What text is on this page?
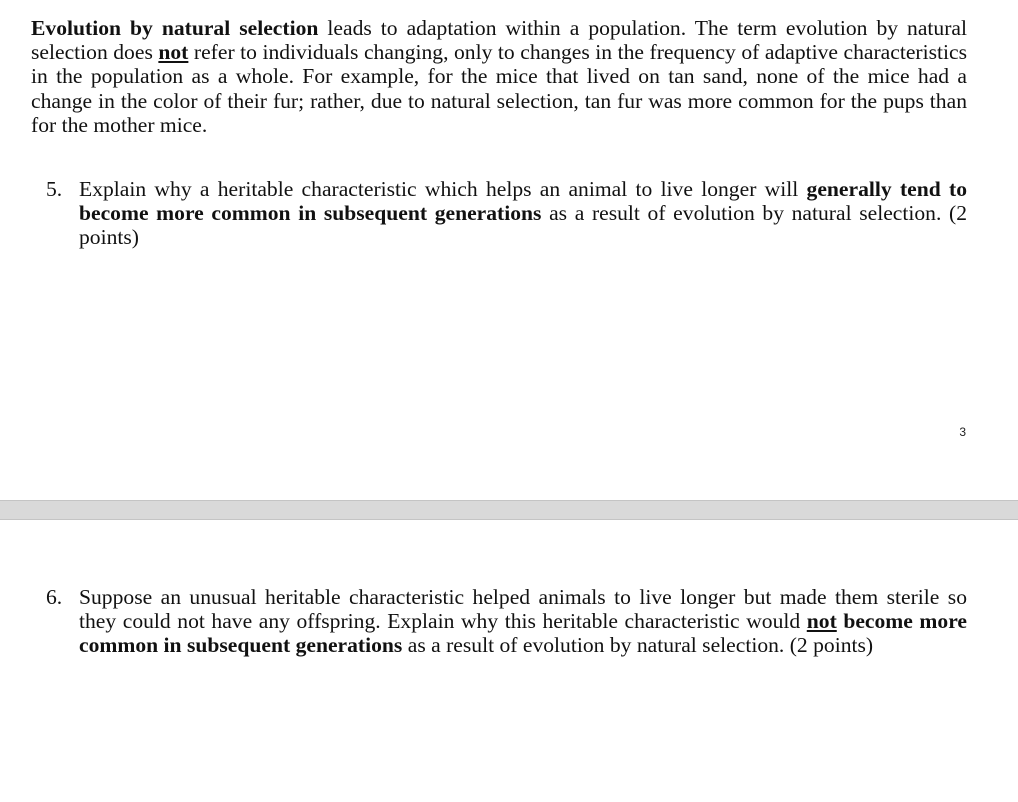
Evolution by natural selection leads to adaptation within a population. The term evolution by natural selection does not refer to individuals changing, only to changes in the frequency of adaptive characteristics in the population as a whole. For example, for the mice that lived on tan sand, none of the mice had a change in the color of their fur; rather, due to natural selection, tan fur was more common for the pups than for the mother mice.

5. Explain why a heritable characteristic which helps an animal to live longer will generally tend to become more common in subsequent generations as a result of evolution by natural selection. (2 points)

3
6. Suppose an unusual heritable characteristic helped animals to live longer but made them sterile so they could not have any offspring. Explain why this heritable characteristic would not become more common in subsequent generations as a result of evolution by natural selection. (2 points)
